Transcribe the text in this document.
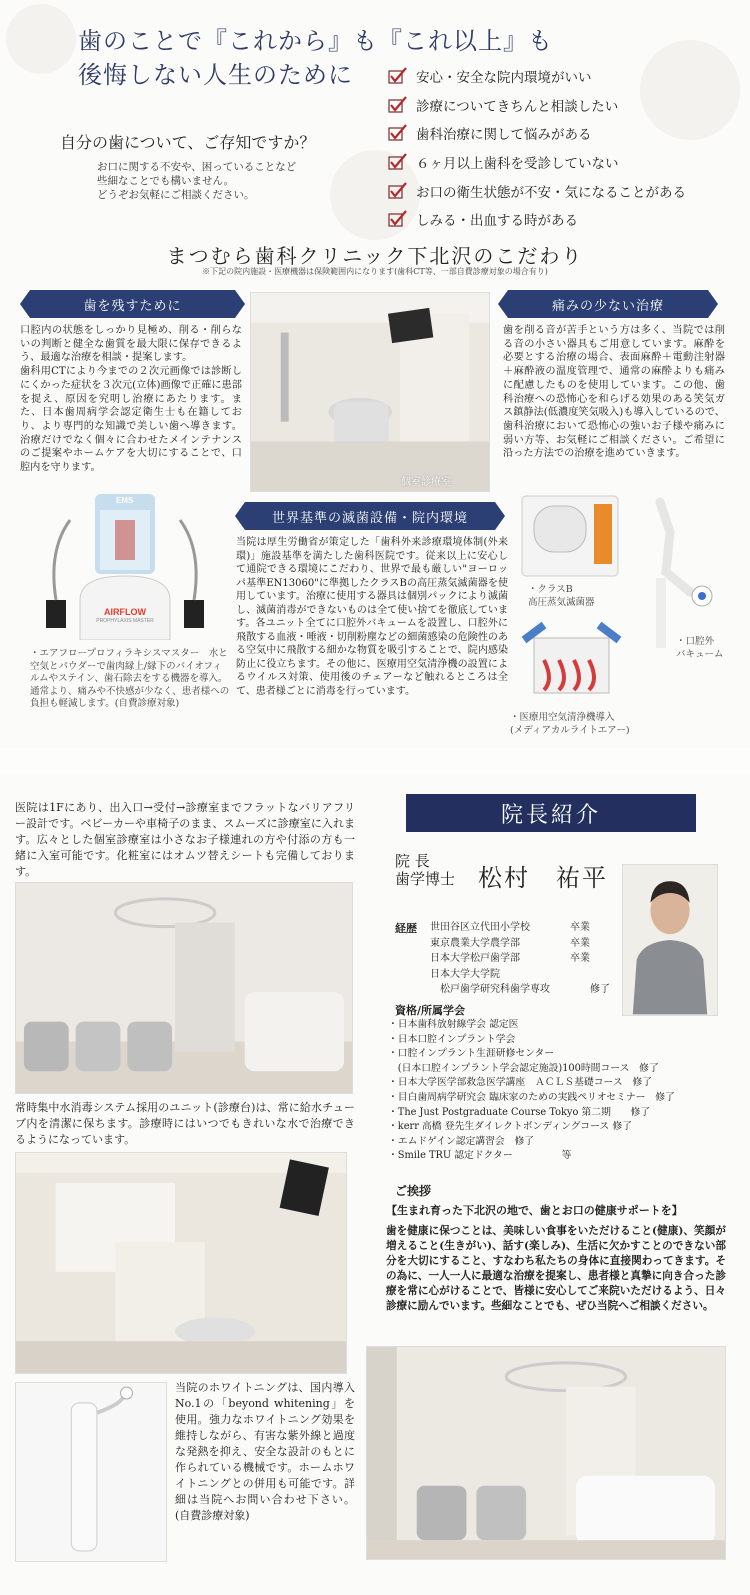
歯のことで『これから』も『これ以上』も
後悔しない人生のために
自分の歯について、ご存知ですか？
お口に関する不安や、困っていることなど
些細なことでも構いません。
どうぞお気軽にご相談ください。
安心・安全な院内環境がいい
診療についてきちんと相談したい
歯科治療に関して悩みがある
６ヶ月以上歯科を受診していない
お口の衛生状態が不安・気になることがある
しみる・出血する時がある
まつむら歯科クリニック下北沢のこだわり
※下記の院内施設・医療機器は保険範囲内になります(歯科CT等、一部自費診療対象の場合有り)
歯を残すために
口腔内の状態をしっかり見極め、削る・削らないの判断と健全な歯質を最大限に保存できるよう、最適な治療を相談・提案します。
歯科用CTにより今までの２次元画像では診断しにくかった症状を３次元(立体)画像で正確に患部を捉え、原因を究明し治療にあたります。また、日本歯周病学会認定衛生士も在籍しており、より専門的な知識で美しい歯へ導きます。治療だけでなく個々に合わせたメインテナンスのご提案やホームケアを大切にすることで、口腔内を守ります。
個室診療室
痛みの少ない治療
歯を削る音が苦手という方は多く、当院では削る音の小さい器具もご用意しています。麻酔を必要とする治療の場合、表面麻酔＋電動注射器＋麻酔液の温度管理で、通常の麻酔よりも痛みに配慮したものを使用しています。この他、歯科治療への恐怖心を和らげる効果のある笑気ガス鎮静法(低濃度笑気吸入)も導入しているので、歯科治療において恐怖心の強いお子様や痛みに弱い方等、お気軽にご相談ください。ご希望に沿った方法での治療を進めていきます。
EMS
AIRFLOW
PROPHYLAXIS MASTER
・エアフロープロフィラキシスマスター　水と空気とパウダーで歯肉縁上/縁下のバイオフィルムやステイン、歯石除去をする機器を導入。通常より、痛みや不快感が少なく、患者様への負担も軽減します。(自費診療対象)
世界基準の滅菌設備・院内環境
当院は厚生労働省が策定した「歯科外来診療環境体制(外来環)」施設基準を満たした歯科医院です。従来以上に安心して通院できる環境にこだわり、世界で最も厳しい"ヨーロッパ基準EN13060"に準拠したクラスBの高圧蒸気滅菌器を使用しています。治療に使用する器具は個別パックにより滅菌し、滅菌消毒ができないものは全て使い捨てを徹底しています。各ユニット全てに口腔外バキュームを設置し、口腔外に飛散する血液・唾液・切削粉塵などの細菌感染の危険性のある空気中に飛散する細かな物質を吸引することで、院内感染防止に役立ちます。その他に、医療用空気清浄機の設置によるウイルス対策、使用後のチェアーなど触れるところは全て、患者様ごとに消毒を行っています。
・クラスB
高圧蒸気滅菌器
・口腔外
バキューム
・医療用空気清浄機導入
(メディアカルライトエアー)
医院は1Fにあり、出入口→受付→診療室までフラットなバリアフリー設計です。ベビーカーや車椅子のまま、スムーズに診療室に入れます。広々とした個室診療室は小さなお子様連れの方や付添の方も一緒に入室可能です。化粧室にはオムツ替えシートも完備しております。
常時集中水消毒システム採用のユニット(診療台)は、常に給水チューブ内を清潔に保ちます。診療時にはいつでもきれいな水で治療できるようになっています。
当院のホワイトニングは、国内導入No.1の「beyond whitening」を使用。強力なホワイトニング効果を維持しながら、有害な紫外線と過度な発熱を抑え、安全な設計のもとに作られている機械です。ホームホワイトニングとの併用も可能です。詳細は当院へお問い合わせ下さい。(自費診療対象)
院長紹介
院 長
歯学博士 松村　祐平
経歴 世田谷区立代田小学校	卒業
東京農業大学農学部	卒業
日本大学松戸歯学部	卒業
日本大学大学院
　松戸歯学研究科歯学専攻	修了
資格/所属学会
・日本歯科放射線学会 認定医
・日本口腔インプラント学会
・口腔インプラント生涯研修センター
　(日本口腔インプラント学会認定施設)100時間コース　修了
・日本大学医学部救急医学講座　ＡＣＬＳ基礎コース　修了
・目白歯周病学研究会 臨床家のための実践ペリオセミナー　修了
・The Just Postgraduate Course Tokyo 第二期　　修了
・kerr 高橋 登先生ダイレクトボンディングコース 修了
・エムドゲイン認定講習会　修了
・Smile TRU 認定ドクター　　　　　等
ご挨拶
【生まれ育った下北沢の地で、歯とお口の健康サポートを】
歯を健康に保つことは、美味しい食事をいただけること(健康)、笑顔が増えること(生きがい)、話す(楽しみ)、生活に欠かすことのできない部分を大切にすること、すなわち私たちの身体に直接関わってきます。その為に、一人一人に最適な治療を提案し、患者様と真摯に向き合った診療を常に心がけることで、皆様に安心してご来院いただけるよう、日々診療に励んでいます。些細なことでも、ぜひ当院へご相談ください。
